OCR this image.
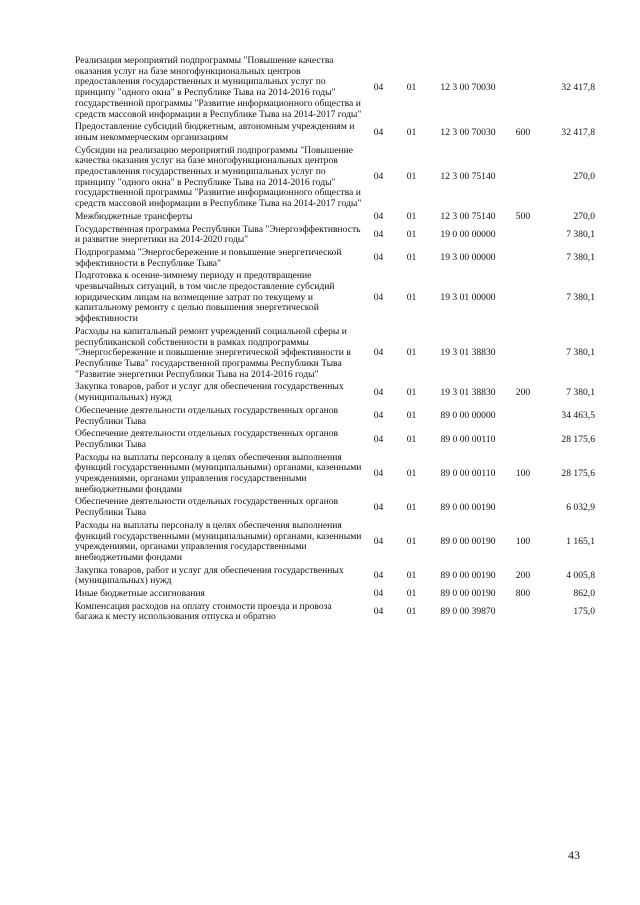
Реализация мероприятий подпрограммы "Повышение качества оказания услуг на базе многофункциональных центров предоставления государственных и муниципальных услуг по принципу "одного окна" в Республике Тыва на 2014-2016 годы" государственной программы "Развитие информационного общества и средств массовой информации в Республике Тыва на 2014-2017 годы"	04	01	12 3 00 70030		32 417,8
Предоставление субсидий бюджетным, автономным учреждениям и иным некоммерческим организациям	04	01	12 3 00 70030	600	32 417,8
Субсидии на реализацию мероприятий подпрограммы "Повышение качества оказания услуг на базе многофункциональных центров предоставления государственных и муниципальных услуг по принципу "одного окна" в Республике Тыва на 2014-2016 годы" государственной программы "Развитие информационного общества и средств массовой информации в Республике Тыва на 2014-2017 годы"	04	01	12 3 00 75140		270,0
Межбюджетные трансферты	04	01	12 3 00 75140	500	270,0
Государственная программа Республики Тыва "Энергоэффективность и развитие энергетики на 2014-2020 годы"	04	01	19 0 00 00000		7 380,1
Подпрограмма "Энергосбережение и повышение энергетической эффективности в Республике Тыва"	04	01	19 3 00 00000		7 380,1
Подготовка к осенне-зимнему периоду и предотвращение чрезвычайных ситуаций, в том числе предоставление субсидий юридическим лицам на возмещение затрат по текущему и капитальному ремонту с целью повышения энергетической эффективности	04	01	19 3 01 00000		7 380,1
Расходы на капитальный ремонт учреждений социальной сферы и республиканской собственности в рамках подпрограммы "Энергосбережение и повышение энергетической эффективности в Республике Тыва" государственной программы Республики Тыва "Развитие энергетики Республики Тыва на 2014-2016 годы"	04	01	19 3 01 38830		7 380,1
Закупка товаров, работ и услуг для обеспечения государственных (муниципальных) нужд	04	01	19 3 01 38830	200	7 380,1
Обеспечение деятельности отдельных государственных органов Республики Тыва	04	01	89 0 00 00000		34 463,5
Обеспечение деятельности отдельных государственных органов Республики Тыва	04	01	89 0 00 00110		28 175,6
Расходы на выплаты персоналу в целях обеспечения выполнения функций государственными (муниципальными) органами, казенными учреждениями, органами управления государственными внебюджетными фондами	04	01	89 0 00 00110	100	28 175,6
Обеспечение деятельности отдельных государственных органов Республики Тыва	04	01	89 0 00 00190		6 032,9
Расходы на выплаты персоналу в целях обеспечения выполнения функций государственными (муниципальными) органами, казенными учреждениями, органами управления государственными внебюджетными фондами	04	01	89 0 00 00190	100	1 165,1
Закупка товаров, работ и услуг для обеспечения государственных (муниципальных) нужд	04	01	89 0 00 00190	200	4 005,8
Иные бюджетные ассигнования	04	01	89 0 00 00190	800	862,0
Компенсация расходов на оплату стоимости проезда и провоза багажа к месту использования отпуска и обратно	04	01	89 0 00 39870		175,0
43
